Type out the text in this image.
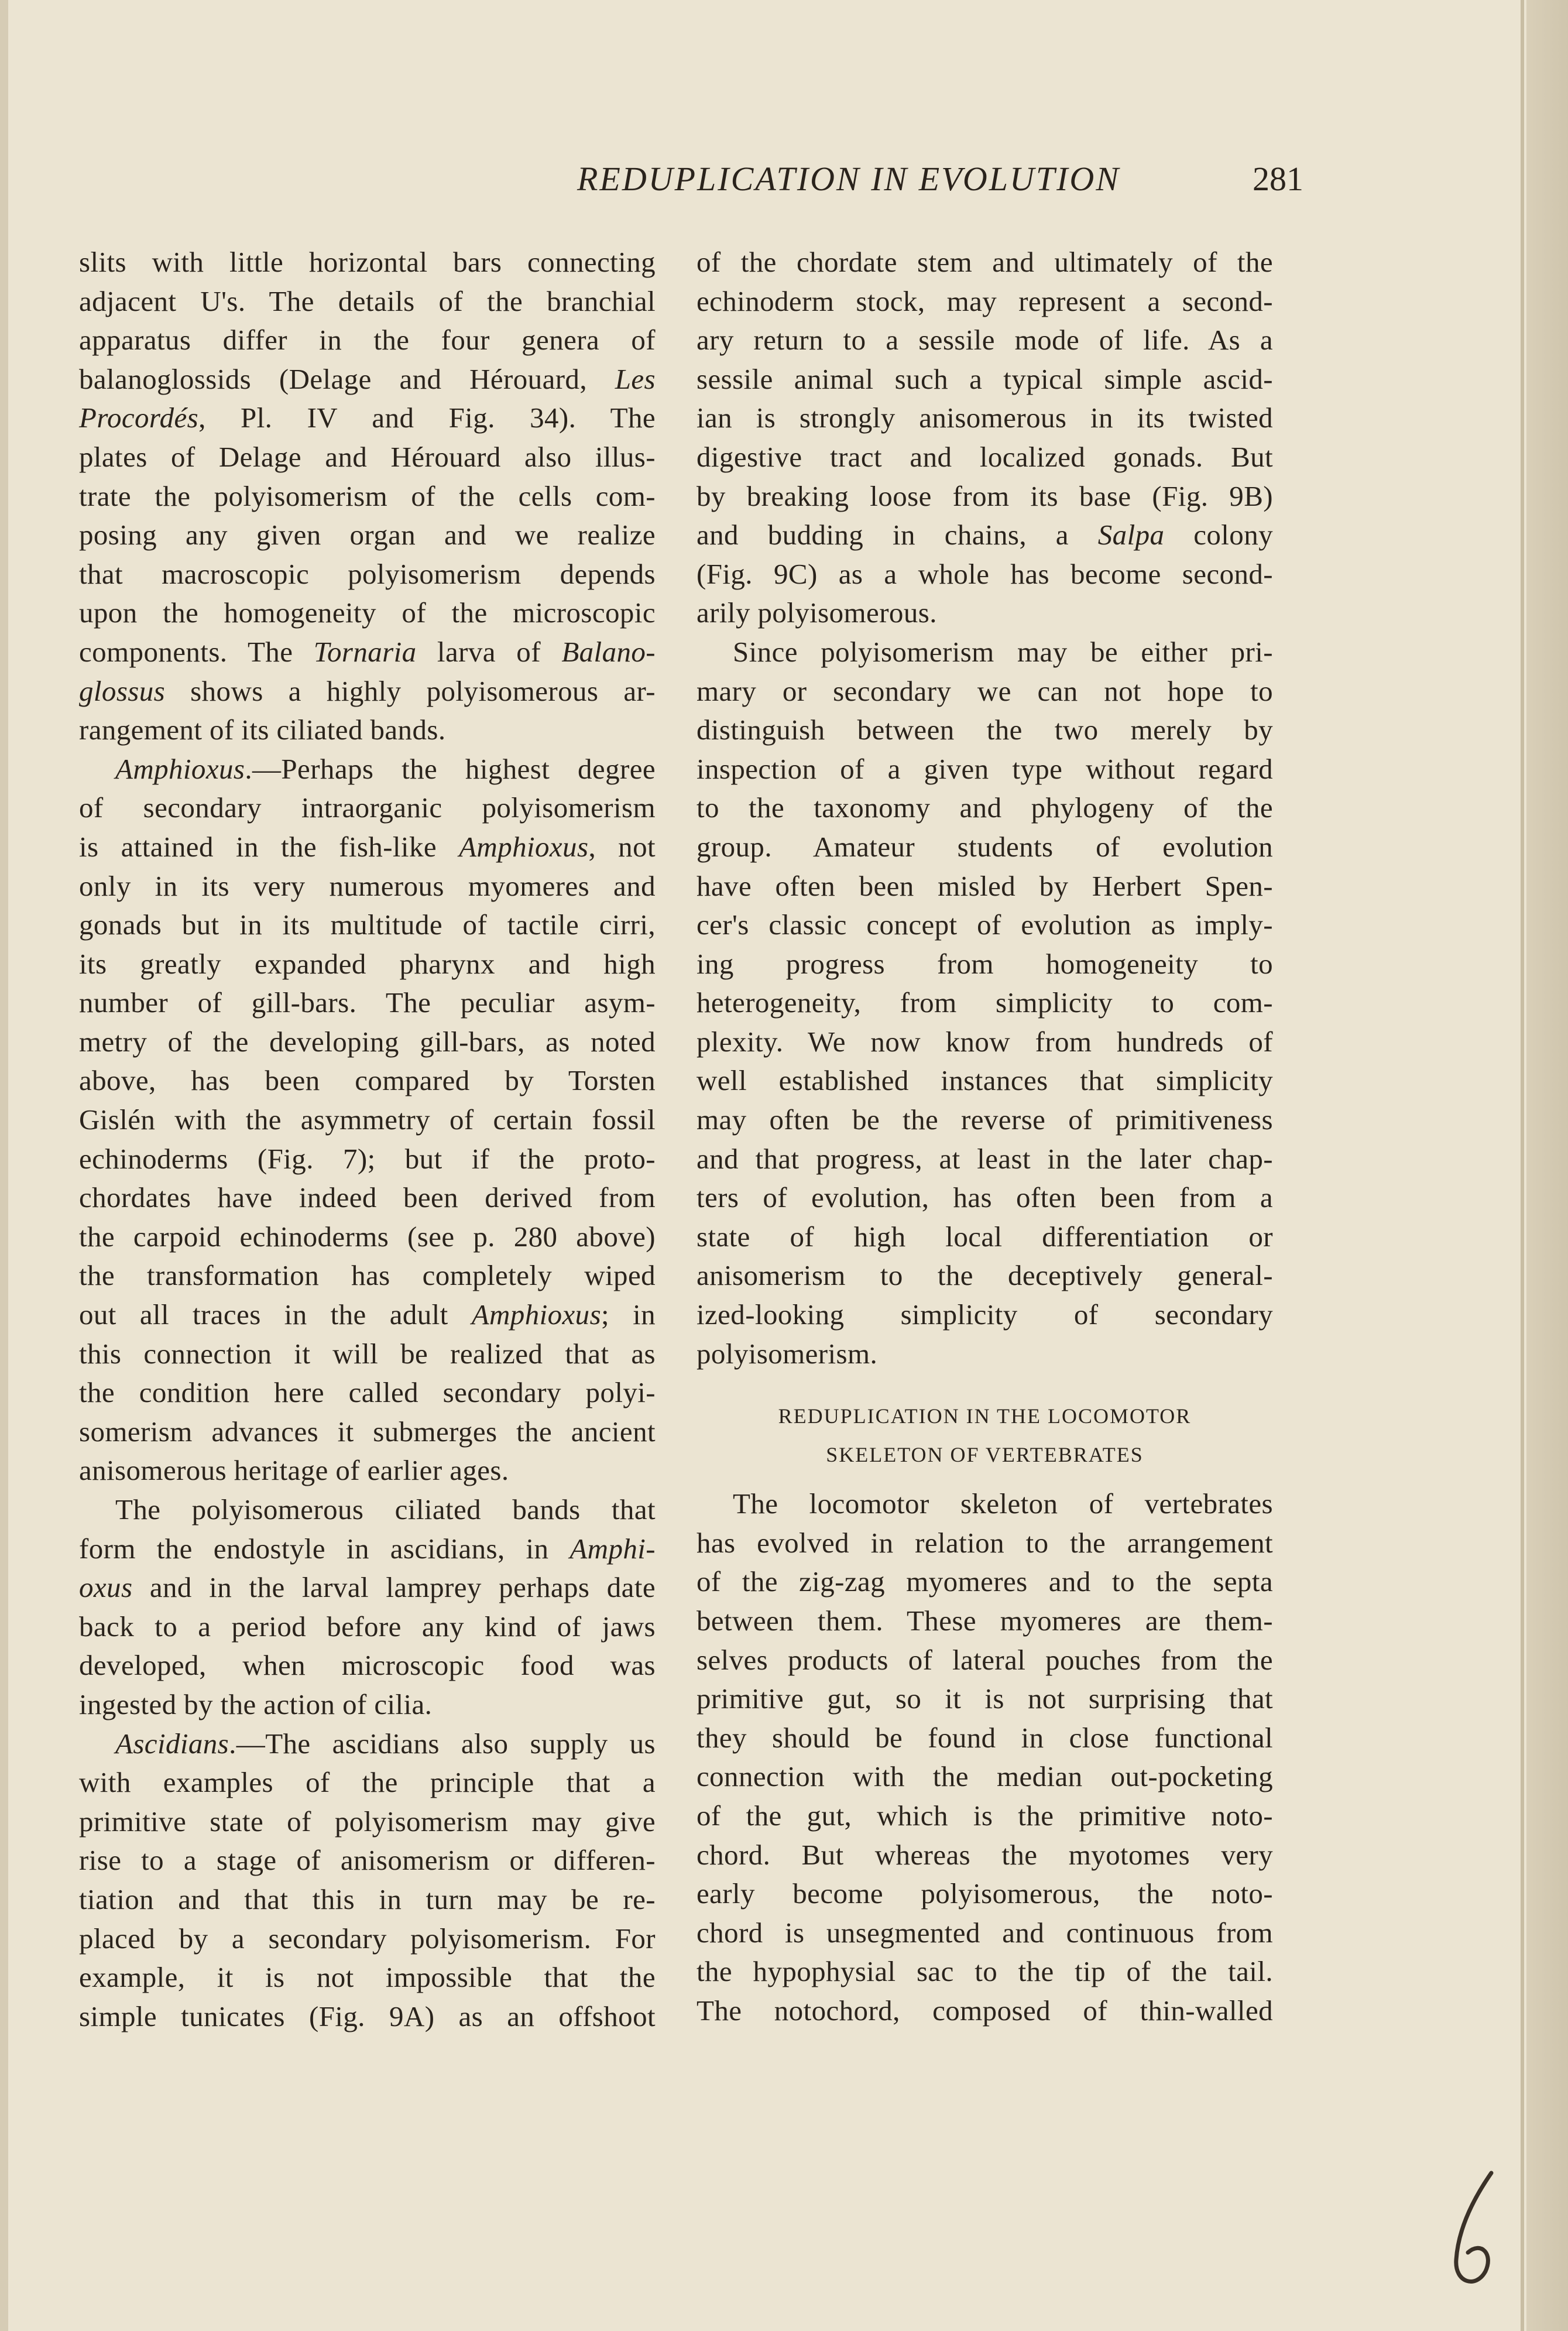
REDUPLICATION IN EVOLUTION	281
slits with little horizontal bars connecting
adjacent U's. The details of the branchial
apparatus differ in the four genera of
balanoglossids (Delage and Hérouard, Les
Procordés, Pl. IV and Fig. 34). The
plates of Delage and Hérouard also illus-
trate the polyisomerism of the cells com-
posing any given organ and we realize
that macroscopic polyisomerism depends
upon the homogeneity of the microscopic
components. The Tornaria larva of Balano-
glossus shows a highly polyisomerous ar-
rangement of its ciliated bands.
Amphioxus.—Perhaps the highest degree
of secondary intraorganic polyisomerism
is attained in the fish-like Amphioxus, not
only in its very numerous myomeres and
gonads but in its multitude of tactile cirri,
its greatly expanded pharynx and high
number of gill-bars. The peculiar asym-
metry of the developing gill-bars, as noted
above, has been compared by Torsten
Gislén with the asymmetry of certain fossil
echinoderms (Fig. 7); but if the proto-
chordates have indeed been derived from
the carpoid echinoderms (see p. 280 above)
the transformation has completely wiped
out all traces in the adult Amphioxus; in
this connection it will be realized that as
the condition here called secondary polyi-
somerism advances it submerges the ancient
anisomerous heritage of earlier ages.
The polyisomerous ciliated bands that
form the endostyle in ascidians, in Amphi-
oxus and in the larval lamprey perhaps date
back to a period before any kind of jaws
developed, when microscopic food was
ingested by the action of cilia.
Ascidians.—The ascidians also supply us
with examples of the principle that a
primitive state of polyisomerism may give
rise to a stage of anisomerism or differen-
tiation and that this in turn may be re-
placed by a secondary polyisomerism. For
example, it is not impossible that the
simple tunicates (Fig. 9A) as an offshoot
of the chordate stem and ultimately of the
echinoderm stock, may represent a second-
ary return to a sessile mode of life. As a
sessile animal such a typical simple ascid-
ian is strongly anisomerous in its twisted
digestive tract and localized gonads. But
by breaking loose from its base (Fig. 9B)
and budding in chains, a Salpa colony
(Fig. 9C) as a whole has become second-
arily polyisomerous.
Since polyisomerism may be either pri-
mary or secondary we can not hope to
distinguish between the two merely by
inspection of a given type without regard
to the taxonomy and phylogeny of the
group. Amateur students of evolution
have often been misled by Herbert Spen-
cer's classic concept of evolution as imply-
ing progress from homogeneity to
heterogeneity, from simplicity to com-
plexity. We now know from hundreds of
well established instances that simplicity
may often be the reverse of primitiveness
and that progress, at least in the later chap-
ters of evolution, has often been from a
state of high local differentiation or
anisomerism to the deceptively general-
ized-looking simplicity of secondary
polyisomerism.
REDUPLICATION IN THE LOCOMOTOR
SKELETON OF VERTEBRATES
The locomotor skeleton of vertebrates
has evolved in relation to the arrangement
of the zig-zag myomeres and to the septa
between them. These myomeres are them-
selves products of lateral pouches from the
primitive gut, so it is not surprising that
they should be found in close functional
connection with the median out-pocketing
of the gut, which is the primitive noto-
chord. But whereas the myotomes very
early become polyisomerous, the noto-
chord is unsegmented and continuous from
the hypophysial sac to the tip of the tail.
The notochord, composed of thin-walled
